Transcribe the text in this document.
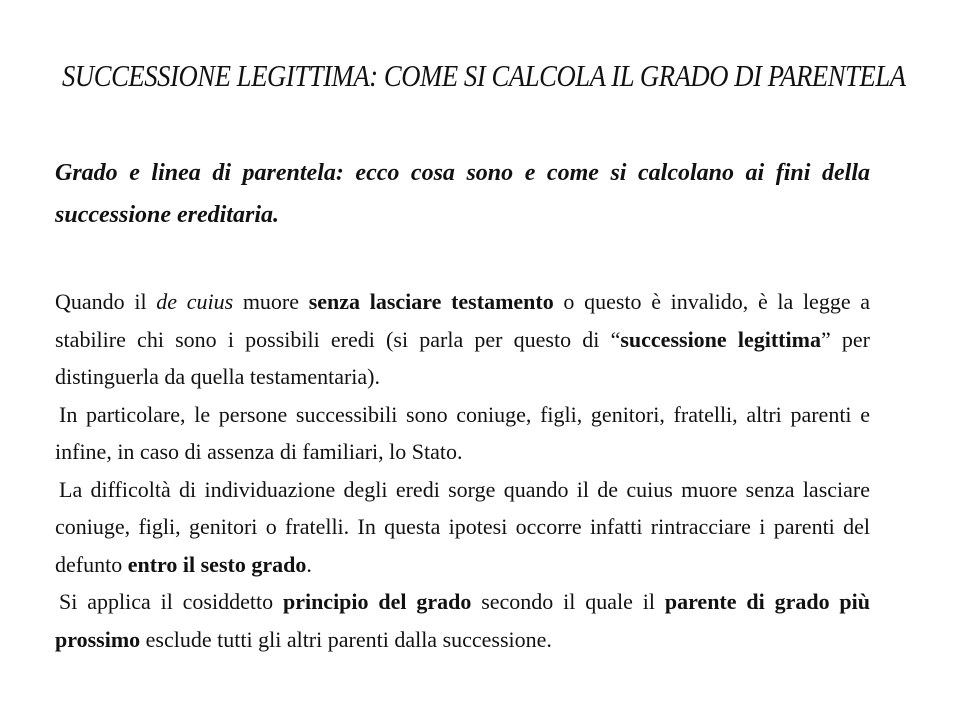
SUCCESSIONE LEGITTIMA: COME SI CALCOLA IL GRADO DI PARENTELA
Grado e linea di parentela: ecco cosa sono e come si calcolano ai fini della successione ereditaria.

Quando il de cuius muore senza lasciare testamento o questo è invalido, è la legge a stabilire chi sono i possibili eredi (si parla per questo di “successione legittima” per distinguerla da quella testamentaria).

In particolare, le persone successibili sono coniuge, figli, genitori, fratelli, altri parenti e infine, in caso di assenza di familiari, lo Stato.

La difficoltà di individuazione degli eredi sorge quando il de cuius muore senza lasciare coniuge, figli, genitori o fratelli. In questa ipotesi occorre infatti rintracciare i parenti del defunto entro il sesto grado.

Si applica il cosiddetto principio del grado secondo il quale il parente di grado più prossimo esclude tutti gli altri parenti dalla successione.
